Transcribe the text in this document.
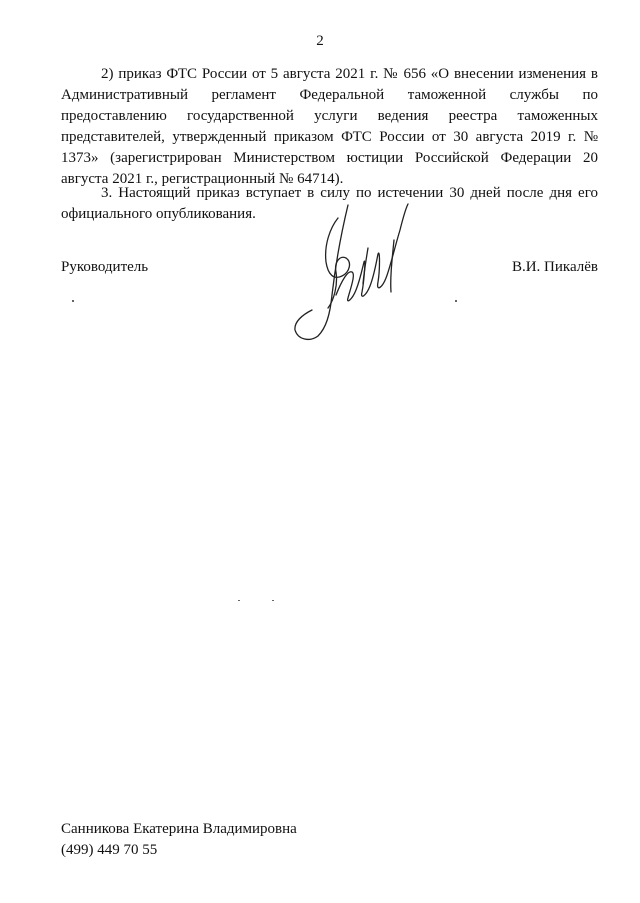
2

2) приказ ФТС России от 5 августа 2021 г. № 656 «О внесении изменения в Административный регламент Федеральной таможенной службы по предоставлению государственной услуги ведения реестра таможенных представителей, утвержденный приказом ФТС России от 30 августа 2019 г. № 1373» (зарегистрирован Министерством юстиции Российской Федерации 20 августа 2021 г., регистрационный № 64714).

3. Настоящий приказ вступает в силу по истечении 30 дней после дня его официального опубликования.

Руководитель	В.И. Пикалёв
Санникова Екатерина Владимировна
(499) 449 70 55
